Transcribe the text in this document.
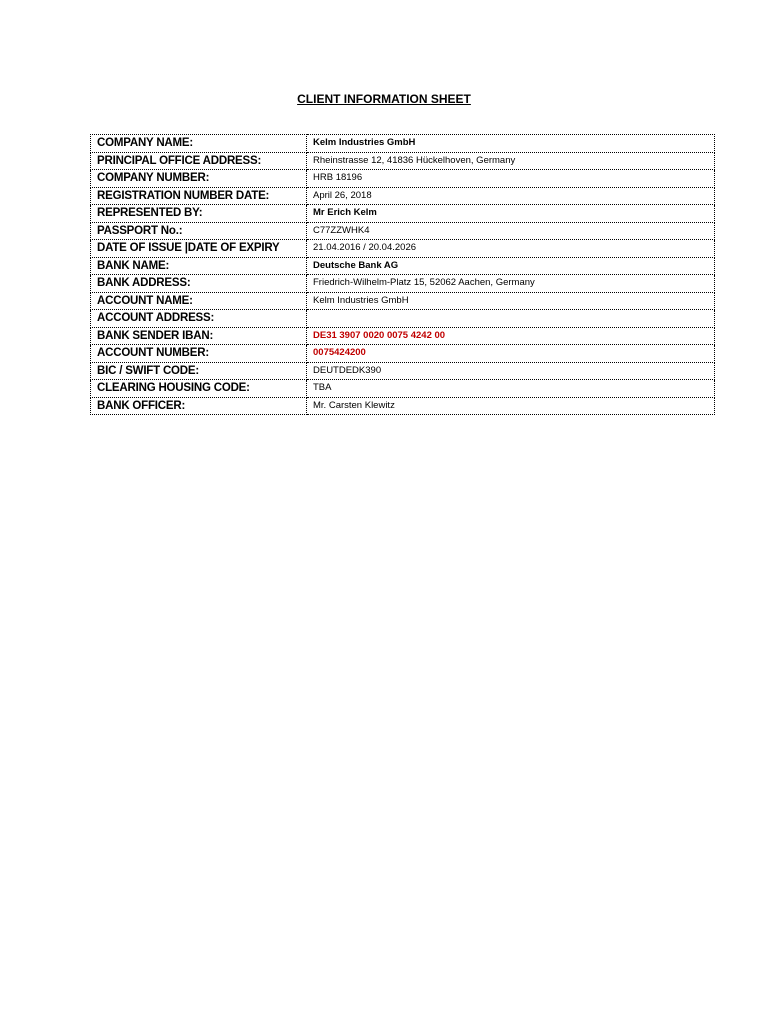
CLIENT INFORMATION SHEET
COMPANY NAME:	Kelm Industries GmbH
PRINCIPAL OFFICE ADDRESS:	Rheinstrasse 12, 41836 Hückelhoven, Germany
COMPANY NUMBER:	HRB 18196
REGISTRATION NUMBER DATE:	April 26, 2018
REPRESENTED BY:	Mr Erich Kelm
PASSPORT No.:	C77ZZWHK4
DATE OF ISSUE |DATE OF EXPIRY	21.04.2016 / 20.04.2026
BANK NAME:	Deutsche Bank AG
BANK ADDRESS:	Friedrich-Wilhelm-Platz 15, 52062 Aachen, Germany
ACCOUNT NAME:	Kelm Industries GmbH
ACCOUNT ADDRESS:	
BANK SENDER IBAN:	DE31 3907 0020 0075 4242 00
ACCOUNT NUMBER:	0075424200
BIC / SWIFT CODE:	DEUTDEDK390
CLEARING HOUSING CODE:	TBA
BANK OFFICER:	Mr. Carsten Klewitz
